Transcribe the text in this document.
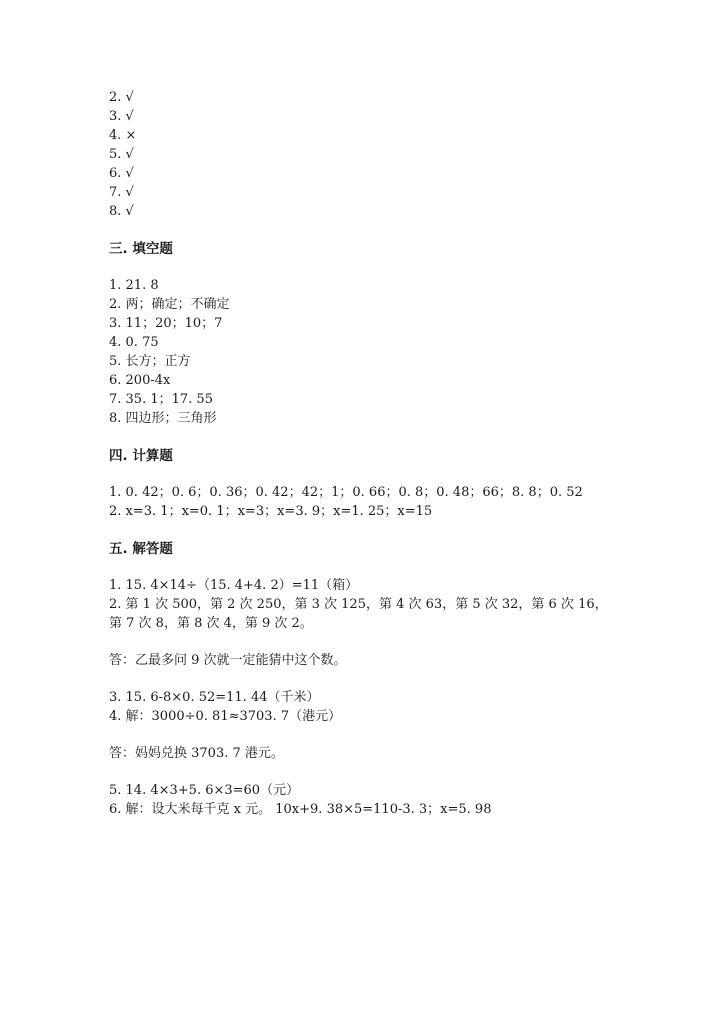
2. √

3. √

4. ×

5. √

6. √

7. √

8. √

三. 填空题

1. 21. 8

2. 两；确定；不确定

3. 11；20；10；7

4. 0. 75

5. 长方；正方

6. 200-4x

7. 35. 1；17. 55

8. 四边形；三角形

四. 计算题

1. 0. 42；0. 6；0. 36；0. 42；42；1；0. 66；0. 8；0. 48；66；8. 8；0. 52

2. x=3. 1；x=0. 1；x=3；x=3. 9；x=1. 25；x=15

五. 解答题

1. 15. 4×14÷（15. 4+4. 2）=11（箱）

2. 第 1 次 500，第 2 次 250，第 3 次 125，第 4 次 63，第 5 次 32，第 6 次 16，

第 7 次 8，第 8 次 4，第 9 次 2。

答：乙最多问 9 次就一定能猜中这个数。

3. 15. 6-8×0. 52=11. 44（千米）

4. 解：3000÷0. 81≈3703. 7（港元）

答：妈妈兑换 3703. 7 港元。

5. 14. 4×3+5. 6×3=60（元）

6. 解：设大米每千克 x 元。 10x+9. 38×5=110-3. 3；x=5. 98
